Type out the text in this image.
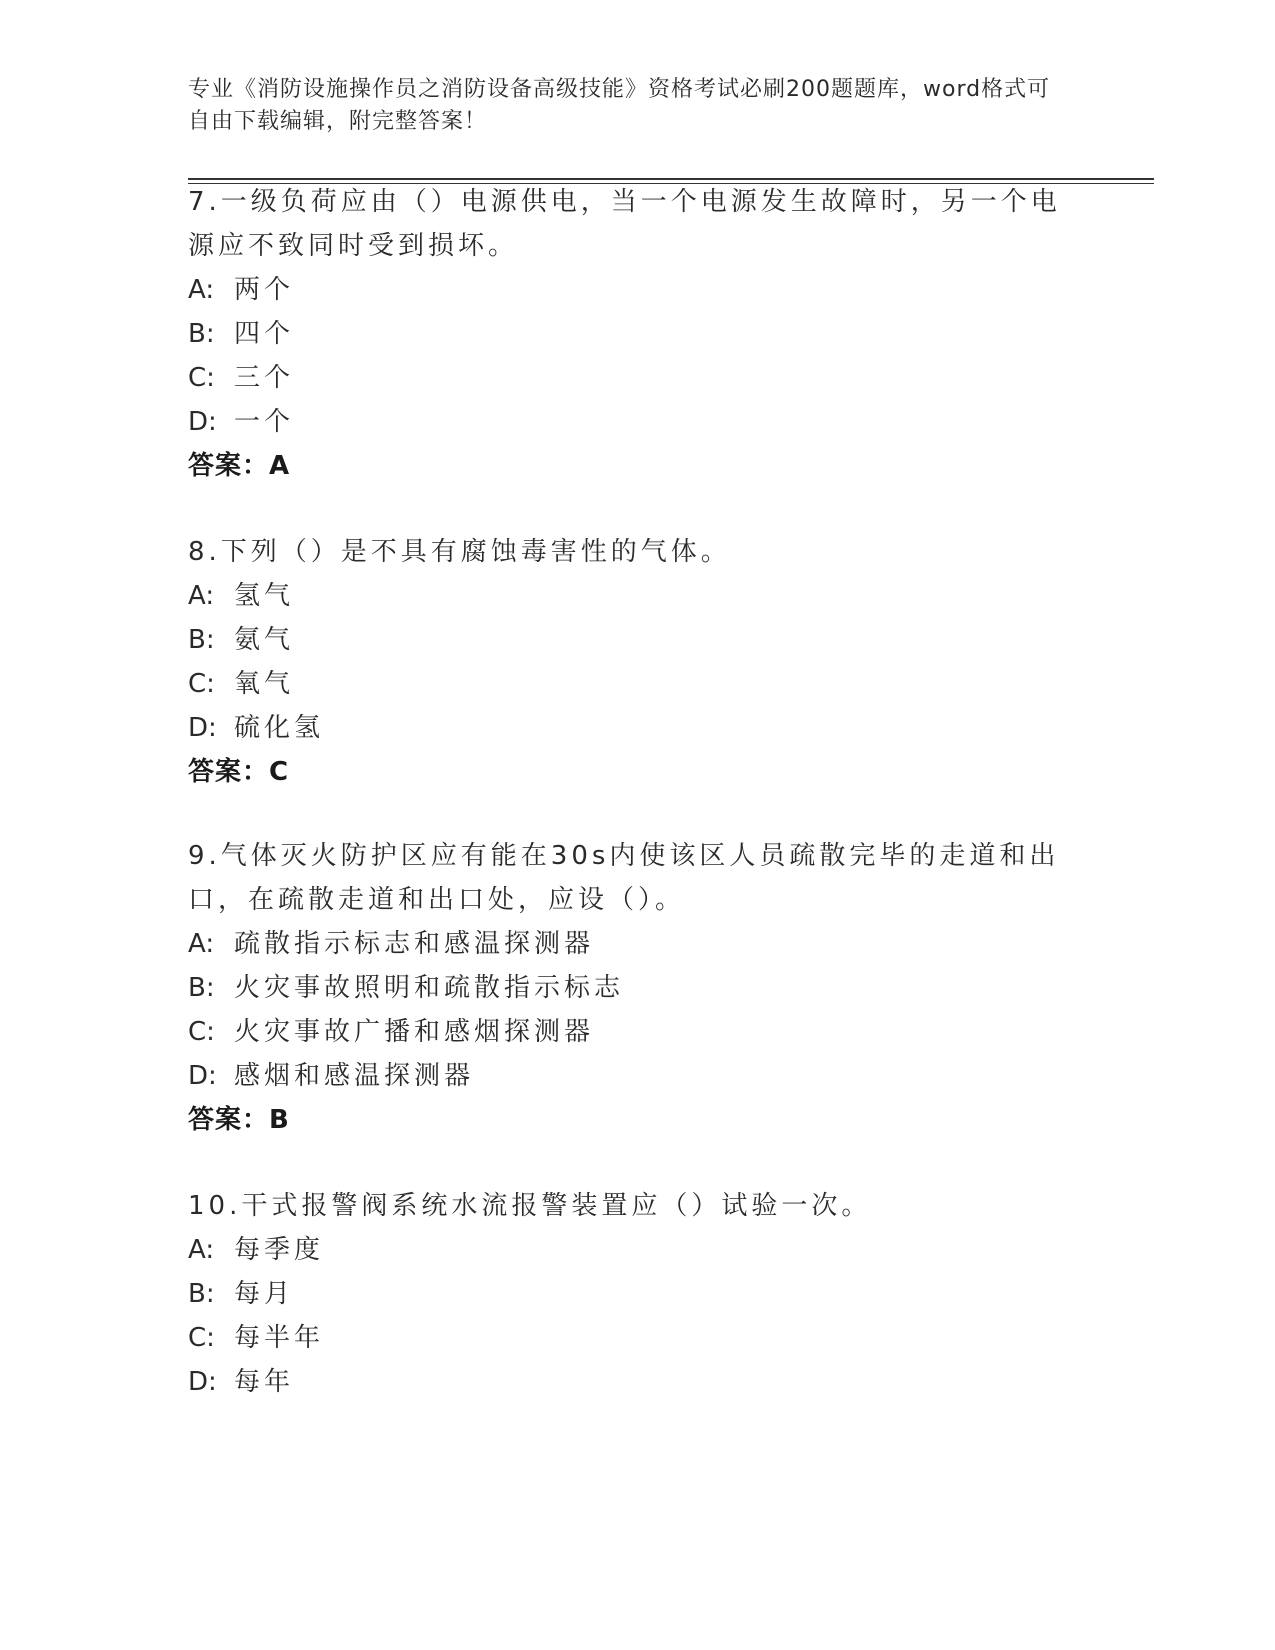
专业《消防设施操作员之消防设备高级技能》资格考试必刷200题题库，word格式可自由下载编辑，附完整答案！
7.一级负荷应由（）电源供电，当一个电源发生故障时，另一个电源应不致同时受到损坏。
A: 两个
B: 四个
C: 三个
D: 一个
答案：A
8.下列（）是不具有腐蚀毒害性的气体。
A: 氢气
B: 氨气
C: 氧气
D: 硫化氢
答案：C
9.气体灭火防护区应有能在30s内使该区人员疏散完毕的走道和出口，在疏散走道和出口处，应设（）。
A: 疏散指示标志和感温探测器
B: 火灾事故照明和疏散指示标志
C: 火灾事故广播和感烟探测器
D: 感烟和感温探测器
答案：B
10.干式报警阀系统水流报警装置应（）试验一次。
A: 每季度
B: 每月
C: 每半年
D: 每年
